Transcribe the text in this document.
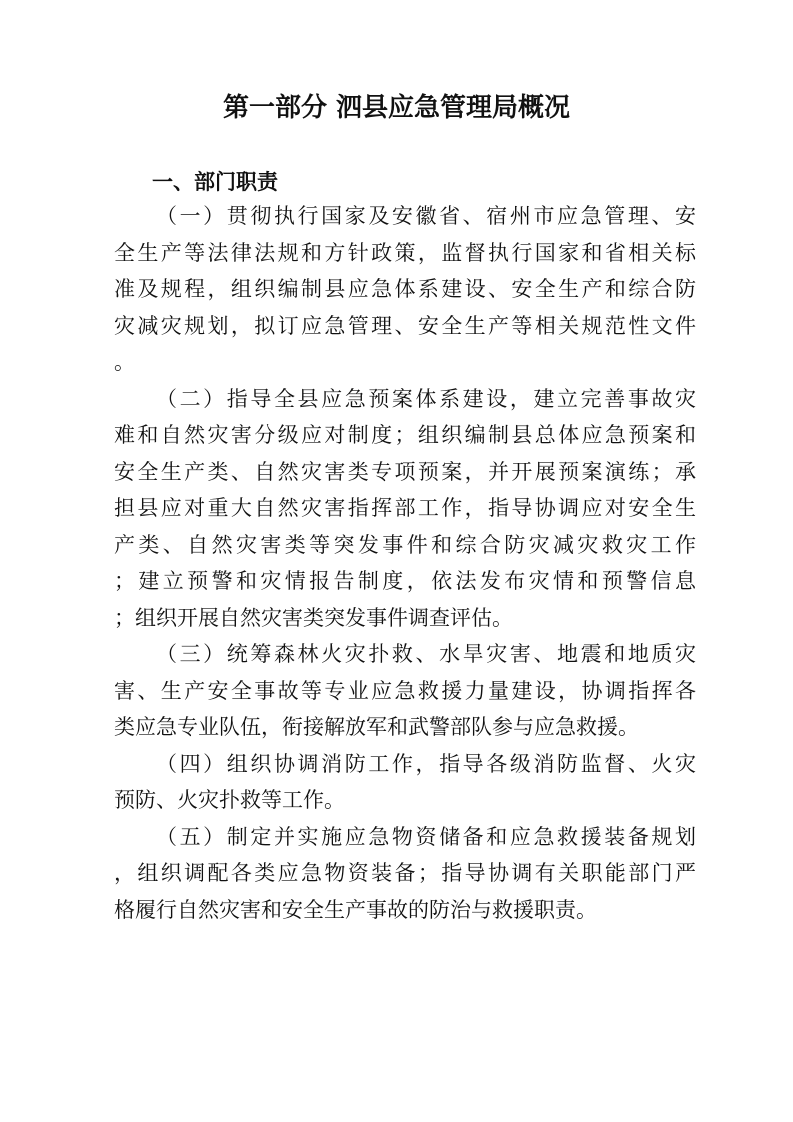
第一部分 泗县应急管理局概况
一、部门职责
（一）贯彻执行国家及安徽省、宿州市应急管理、安
全生产等法律法规和方针政策，监督执行国家和省相关标
准及规程，组织编制县应急体系建设、安全生产和综合防
灾减灾规划，拟订应急管理、安全生产等相关规范性文件
。
（二）指导全县应急预案体系建设，建立完善事故灾
难和自然灾害分级应对制度；组织编制县总体应急预案和
安全生产类、自然灾害类专项预案，并开展预案演练；承
担县应对重大自然灾害指挥部工作，指导协调应对安全生
产类、自然灾害类等突发事件和综合防灾减灾救灾工作
；建立预警和灾情报告制度，依法发布灾情和预警信息
；组织开展自然灾害类突发事件调查评估。
（三）统筹森林火灾扑救、水旱灾害、地震和地质灾
害、生产安全事故等专业应急救援力量建设，协调指挥各
类应急专业队伍，衔接解放军和武警部队参与应急救援。
（四）组织协调消防工作，指导各级消防监督、火灾
预防、火灾扑救等工作。
（五）制定并实施应急物资储备和应急救援装备规划
，组织调配各类应急物资装备；指导协调有关职能部门严
格履行自然灾害和安全生产事故的防治与救援职责。
